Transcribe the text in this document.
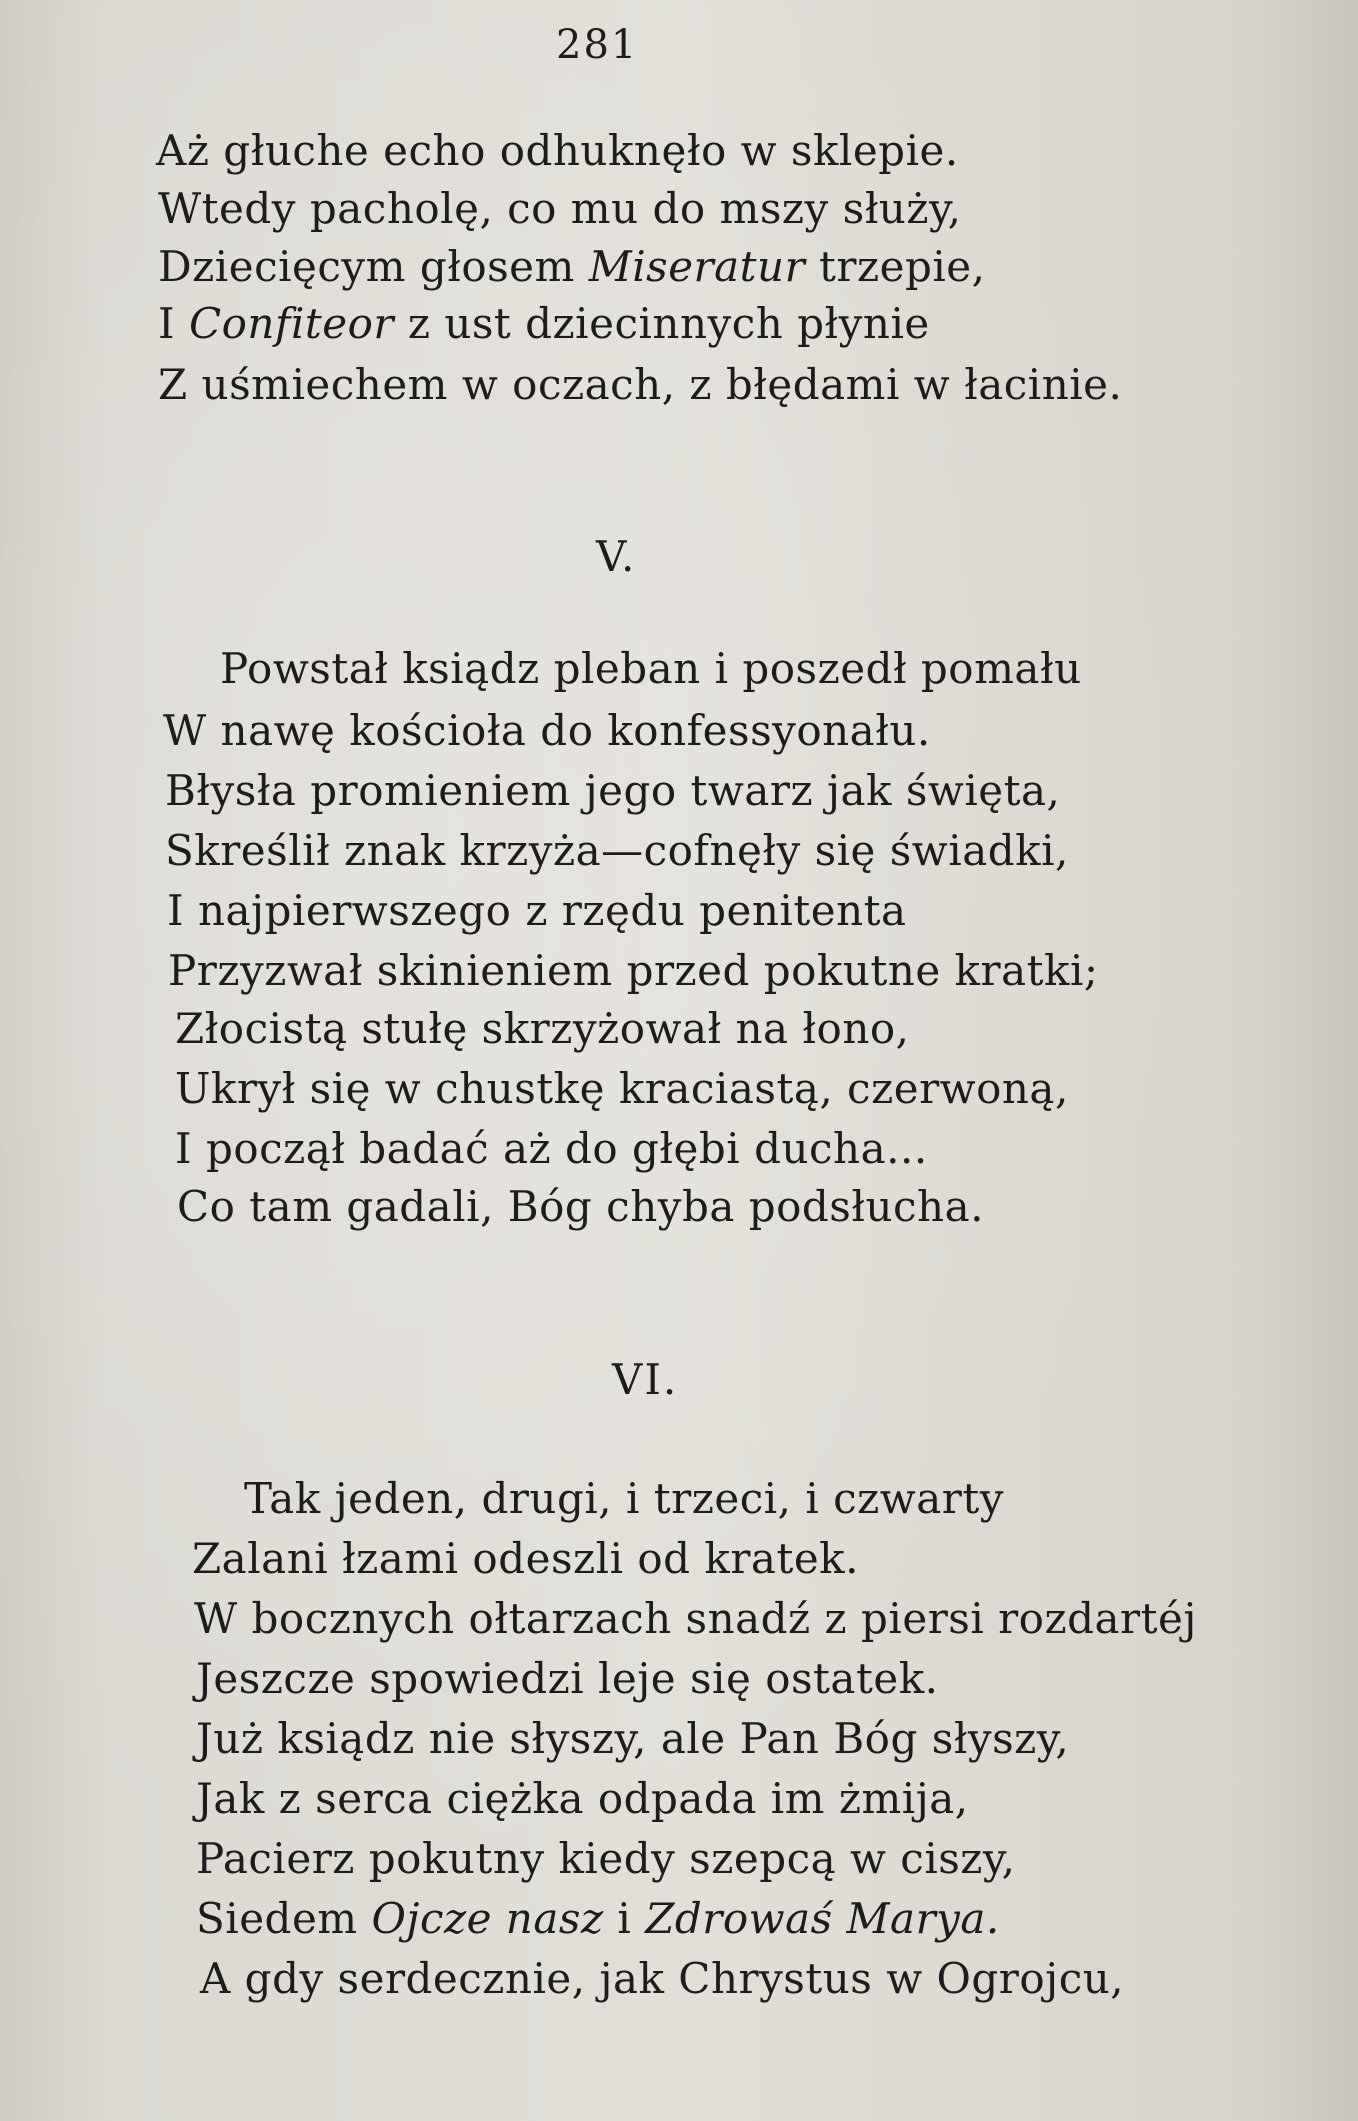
281
Aż głuche echo odhuknęło w sklepie.
Wtedy pacholę, co mu do mszy służy,
Dziecięcym głosem Miseratur trzepie,
I Confiteor z ust dziecinnych płynie
Z uśmiechem w oczach, z błędami w łacinie.
V.
Powstał ksiądz pleban i poszedł pomału
W nawę kościoła do konfessyonału.
Błysła promieniem jego twarz jak święta,
Skreślił znak krzyża—cofnęły się świadki,
I najpierwszego z rzędu penitenta
Przyzwał skinieniem przed pokutne kratki;
Złocistą stułę skrzyżował na łono,
Ukrył się w chustkę kraciastą, czerwoną,
I począł badać aż do głębi ducha...
Co tam gadali, Bóg chyba podsłucha.
VI.
Tak jeden, drugi, i trzeci, i czwarty
Zalani łzami odeszli od kratek.
W bocznych ołtarzach snadź z piersi rozdartéj
Jeszcze spowiedzi leje się ostatek.
Już ksiądz nie słyszy, ale Pan Bóg słyszy,
Jak z serca ciężka odpada im żmija,
Pacierz pokutny kiedy szepcą w ciszy,
Siedem Ojcze nasz i Zdrowaś Marya.
A gdy serdecznie, jak Chrystus w Ogrojcu,
